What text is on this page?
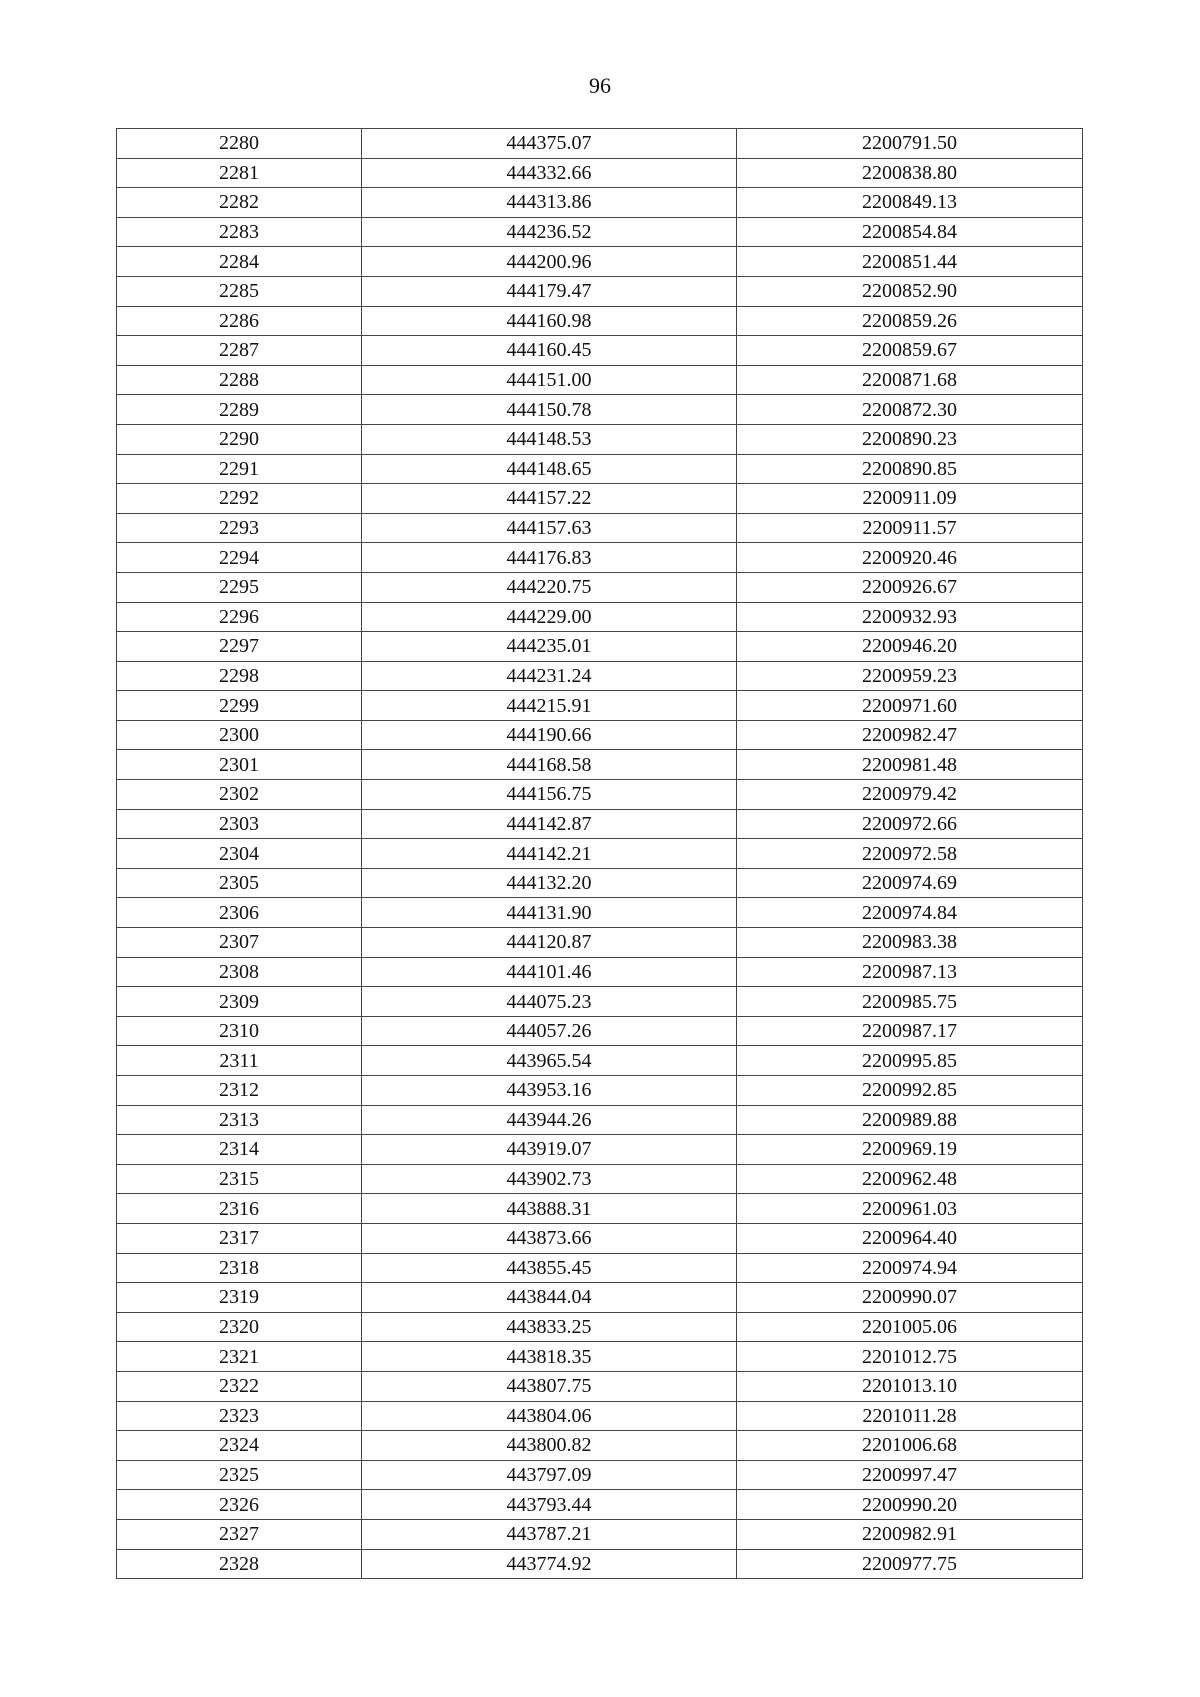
96
2280	444375.07	2200791.50
2281	444332.66	2200838.80
2282	444313.86	2200849.13
2283	444236.52	2200854.84
2284	444200.96	2200851.44
2285	444179.47	2200852.90
2286	444160.98	2200859.26
2287	444160.45	2200859.67
2288	444151.00	2200871.68
2289	444150.78	2200872.30
2290	444148.53	2200890.23
2291	444148.65	2200890.85
2292	444157.22	2200911.09
2293	444157.63	2200911.57
2294	444176.83	2200920.46
2295	444220.75	2200926.67
2296	444229.00	2200932.93
2297	444235.01	2200946.20
2298	444231.24	2200959.23
2299	444215.91	2200971.60
2300	444190.66	2200982.47
2301	444168.58	2200981.48
2302	444156.75	2200979.42
2303	444142.87	2200972.66
2304	444142.21	2200972.58
2305	444132.20	2200974.69
2306	444131.90	2200974.84
2307	444120.87	2200983.38
2308	444101.46	2200987.13
2309	444075.23	2200985.75
2310	444057.26	2200987.17
2311	443965.54	2200995.85
2312	443953.16	2200992.85
2313	443944.26	2200989.88
2314	443919.07	2200969.19
2315	443902.73	2200962.48
2316	443888.31	2200961.03
2317	443873.66	2200964.40
2318	443855.45	2200974.94
2319	443844.04	2200990.07
2320	443833.25	2201005.06
2321	443818.35	2201012.75
2322	443807.75	2201013.10
2323	443804.06	2201011.28
2324	443800.82	2201006.68
2325	443797.09	2200997.47
2326	443793.44	2200990.20
2327	443787.21	2200982.91
2328	443774.92	2200977.75
